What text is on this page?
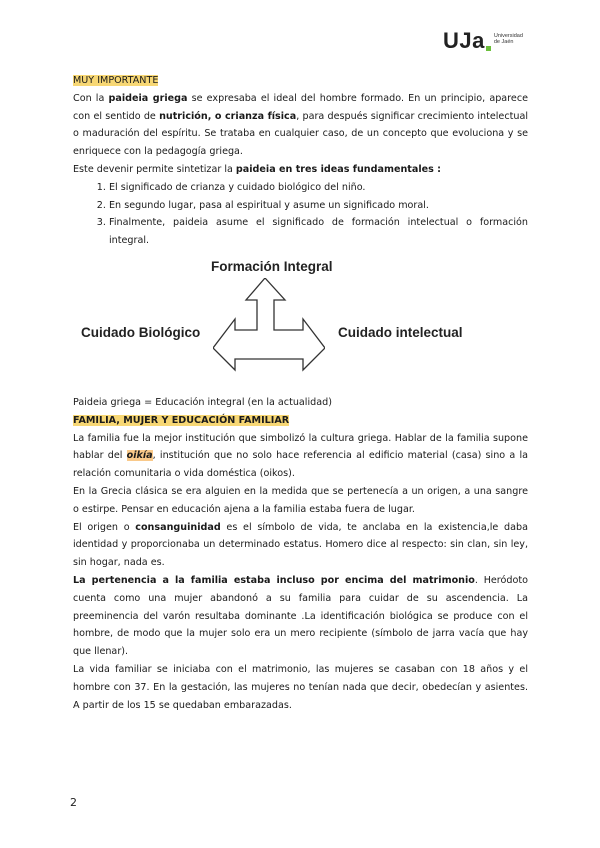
UJa Universidad de Jaén

MUY IMPORTANTE

Con la paideia griega se expresaba el ideal del hombre formado. En un principio, aparece con el sentido de nutrición, o crianza física, para después significar crecimiento intelectual o maduración del espíritu. Se trataba en cualquier caso, de un concepto que evoluciona y se enriquece con la pedagogía griega.

Este devenir permite sintetizar la paideia en tres ideas fundamentales :

1. El significado de crianza y cuidado biológico del niño.
2. En segundo lugar, pasa al espiritual y asume un significado moral.
3. Finalmente, paideia asume el significado de formación intelectual o formación integral.
Formación Integral
Cuidado Biológico	Cuidado intelectual

Paideia griega = Educación integral (en la actualidad)

FAMILIA, MUJER Y EDUCACIÓN FAMILIAR

La familia fue la mejor institución que simbolizó la cultura griega. Hablar de la familia supone hablar del oikía, institución que no solo hace referencia al edificio material (casa) sino a la relación comunitaria o vida doméstica (oikos).

En la Grecia clásica se era alguien en la medida que se pertenecía a un origen, a una sangre o estirpe. Pensar en educación ajena a la familia estaba fuera de lugar.

El origen o consanguinidad es el símbolo de vida, te anclaba en la existencia,le daba identidad y proporcionaba un determinado estatus. Homero dice al respecto: sin clan, sin ley, sin hogar, nada es.

La pertenencia a la familia estaba incluso por encima del matrimonio. Heródoto cuenta como una mujer abandonó a su familia para cuidar de su ascendencia. La preeminencia del varón resultaba dominante .La identificación biológica se produce con el hombre, de modo que la mujer solo era un mero recipiente (símbolo de jarra vacía que hay que llenar).

La vida familiar se iniciaba con el matrimonio, las mujeres se casaban con 18 años y el hombre con 37. En la gestación, las mujeres no tenían nada que decir, obedecían y asientes. A partir de los 15 se quedaban embarazadas.

2
